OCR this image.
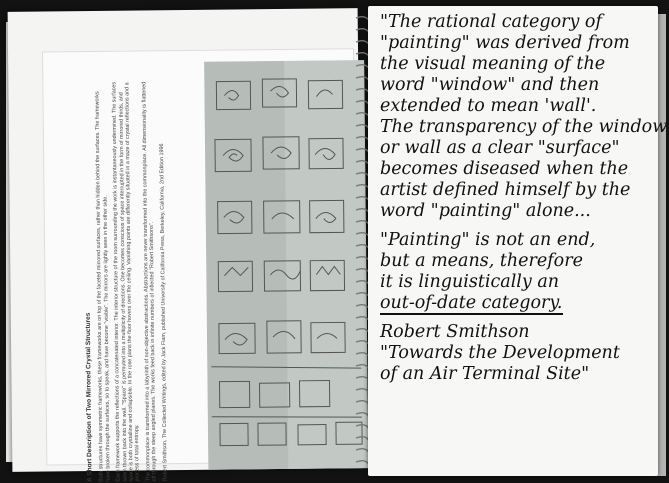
A Short Description of Two Mirrored Crystal Structures Both structures have symmetric frameworks, these frameworks are on top of the faceted mirrored surfaces, rather than hidden behind the surfaces. The frameworks have broken through the surfaces, so to speak, and have become "visible". The mirrors are lightly seen in the other side. Each framework supports the reflections of a concatenated interior. The interior structure of the room surrounding the work is instantaneously undermined. The surfaces seem thrown back into the wall. "Space" is permuted into a multiplicity of directions. One becomes conscious of space interrupted in the form of mirrored thirds, and space is both crystalline and collapsible. In the rose plans the floor hovers over the ceiling. Vanishing points are differently situated in a maze of crystal reflections and a process of total entropy. The commonplace is transformed into a labyrinth of non-objective abstractions. Abstractions are never transformed into the commonplace. All dimensionality is flattened off through the steep angled planes. The works feed back in infinite numbers of inflected "Robert Smithsons". Robert Smithson, The Collected Writings, edited by Jack Flam, published University of California Press, Berkeley, California, 2nd Edition 1996

"The rational category of
"painting" was derived from
the visual meaning of the
word "window" and then
extended to mean 'wall'.
The transparency of the window
or wall as a clear "surface"
becomes diseased when the
artist defined himself by the
word "painting" alone...
"Painting" is not an end,
but a means, therefore
it is linguistically an
out-of-date category.
Robert Smithson
"Towards the Development
of an Air Terminal Site"
